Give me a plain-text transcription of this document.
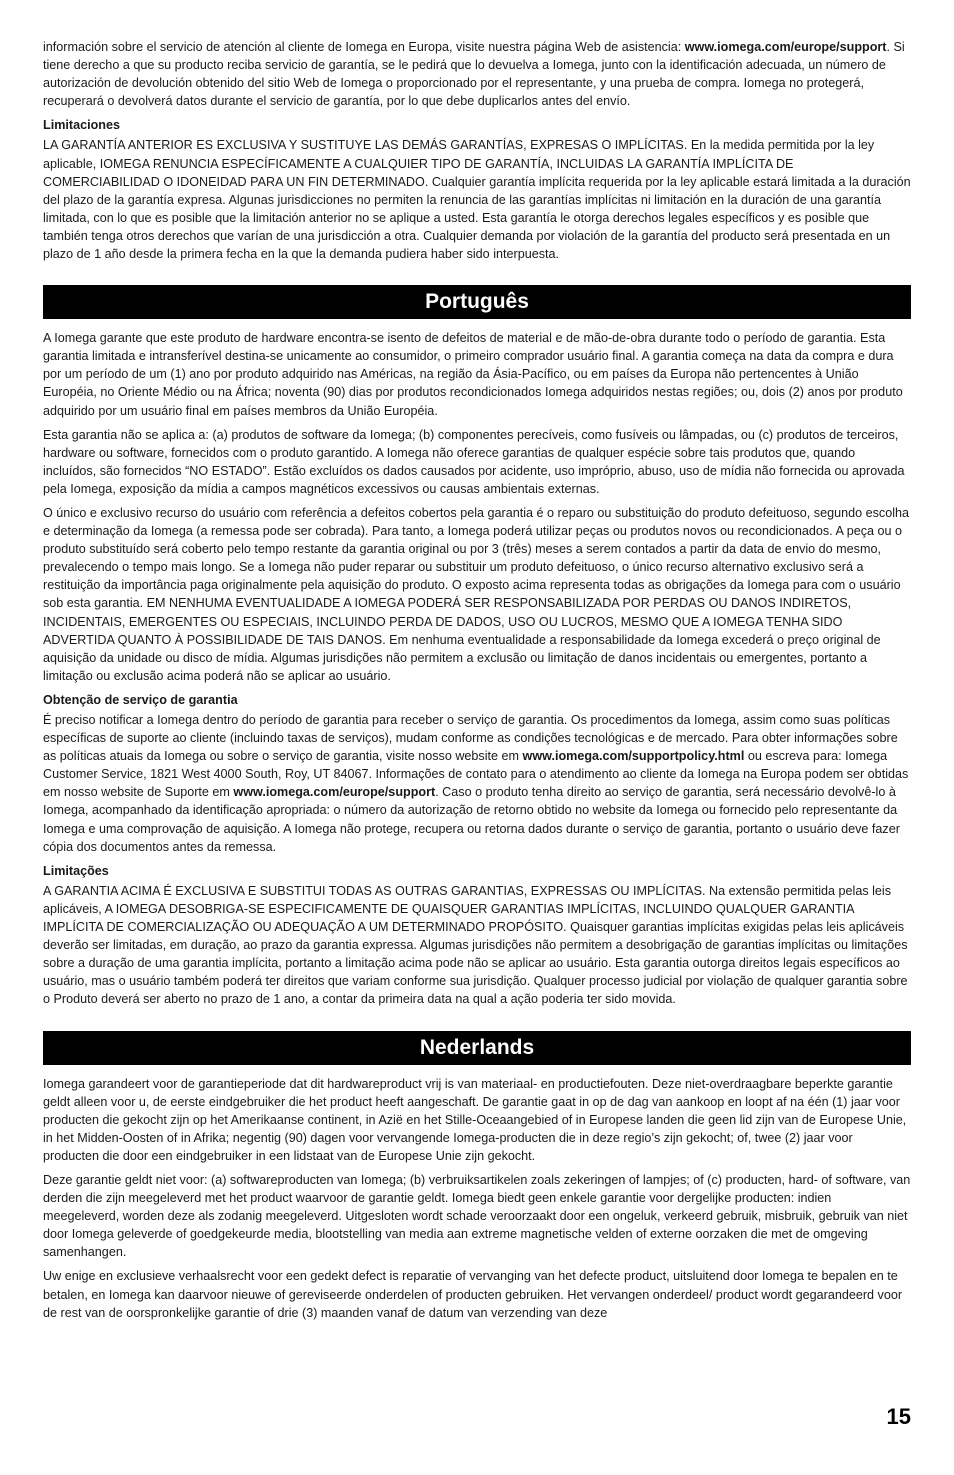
información sobre el servicio de atención al cliente de Iomega en Europa, visite nuestra página Web de asistencia: www.iomega.com/europe/support. Si tiene derecho a que su producto reciba servicio de garantía, se le pedirá que lo devuelva a Iomega, junto con la identificación adecuada, un número de autorización de devolución obtenido del sitio Web de Iomega o proporcionado por el representante, y una prueba de compra. Iomega no protegerá, recuperará o devolverá datos durante el servicio de garantía, por lo que debe duplicarlos antes del envío.

Limitaciones

LA GARANTÍA ANTERIOR ES EXCLUSIVA Y SUSTITUYE LAS DEMÁS GARANTÍAS, EXPRESAS O IMPLÍCITAS. En la medida permitida por la ley aplicable, IOMEGA RENUNCIA ESPECÍFICAMENTE A CUALQUIER TIPO DE GARANTÍA, INCLUIDAS LA GARANTÍA IMPLÍCITA DE COMERCIABILIDAD O IDONEIDAD PARA UN FIN DETERMINADO. Cualquier garantía implícita requerida por la ley aplicable estará limitada a la duración del plazo de la garantía expresa. Algunas jurisdicciones no permiten la renuncia de las garantías implícitas ni limitación en la duración de una garantía limitada, con lo que es posible que la limitación anterior no se aplique a usted. Esta garantía le otorga derechos legales específicos y es posible que también tenga otros derechos que varían de una jurisdicción a otra. Cualquier demanda por violación de la garantía del producto será presentada en un plazo de 1 año desde la primera fecha en la que la demanda pudiera haber sido interpuesta.

Português

A Iomega garante que este produto de hardware encontra-se isento de defeitos de material e de mão-de-obra durante todo o período de garantia. Esta garantia limitada e intransferível destina-se unicamente ao consumidor, o primeiro comprador usuário final. A garantia começa na data da compra e dura por um período de um (1) ano por produto adquirido nas Américas, na região da Ásia-Pacífico, ou em países da Europa não pertencentes à União Européia, no Oriente Médio ou na África; noventa (90) dias por produtos recondicionados Iomega adquiridos nestas regiões; ou, dois (2) anos por produto adquirido por um usuário final em países membros da União Européia.

Esta garantia não se aplica a: (a) produtos de software da Iomega; (b) componentes perecíveis, como fusíveis ou lâmpadas, ou (c) produtos de terceiros, hardware ou software, fornecidos com o produto garantido. A Iomega não oferece garantias de qualquer espécie sobre tais produtos que, quando incluídos, são fornecidos “NO ESTADO”. Estão excluídos os dados causados por acidente, uso impróprio, abuso, uso de mídia não fornecida ou aprovada pela Iomega, exposição da mídia a campos magnéticos excessivos ou causas ambientais externas.

O único e exclusivo recurso do usuário com referência a defeitos cobertos pela garantia é o reparo ou substituição do produto defeituoso, segundo escolha e determinação da Iomega (a remessa pode ser cobrada). Para tanto, a Iomega poderá utilizar peças ou produtos novos ou recondicionados. A peça ou o produto substituído será coberto pelo tempo restante da garantia original ou por 3 (três) meses a serem contados a partir da data de envio do mesmo, prevalecendo o tempo mais longo. Se a Iomega não puder reparar ou substituir um produto defeituoso, o único recurso alternativo exclusivo será a restituição da importância paga originalmente pela aquisição do produto. O exposto acima representa todas as obrigações da Iomega para com o usuário sob esta garantia. EM NENHUMA EVENTUALIDADE A IOMEGA PODERÁ SER RESPONSABILIZADA POR PERDAS OU DANOS INDIRETOS, INCIDENTAIS, EMERGENTES OU ESPECIAIS, INCLUINDO PERDA DE DADOS, USO OU LUCROS, MESMO QUE A IOMEGA TENHA SIDO ADVERTIDA QUANTO À POSSIBILIDADE DE TAIS DANOS. Em nenhuma eventualidade a responsabilidade da Iomega excederá o preço original de aquisição da unidade ou disco de mídia. Algumas jurisdições não permitem a exclusão ou limitação de danos incidentais ou emergentes, portanto a limitação ou exclusão acima poderá não se aplicar ao usuário.

Obtenção de serviço de garantia

É preciso notificar a Iomega dentro do período de garantia para receber o serviço de garantia. Os procedimentos da Iomega, assim como suas políticas específicas de suporte ao cliente (incluindo taxas de serviços), mudam conforme as condições tecnológicas e de mercado. Para obter informações sobre as políticas atuais da Iomega ou sobre o serviço de garantia, visite nosso website em www.iomega.com/supportpolicy.html ou escreva para: Iomega Customer Service, 1821 West 4000 South, Roy, UT 84067. Informações de contato para o atendimento ao cliente da Iomega na Europa podem ser obtidas em nosso website de Suporte em www.iomega.com/europe/support. Caso o produto tenha direito ao serviço de garantia, será necessário devolvê-lo à Iomega, acompanhado da identificação apropriada: o número da autorização de retorno obtido no website da Iomega ou fornecido pelo representante da Iomega e uma comprovação de aquisição. A Iomega não protege, recupera ou retorna dados durante o serviço de garantia, portanto o usuário deve fazer cópia dos documentos antes da remessa.

Limitações

A GARANTIA ACIMA É EXCLUSIVA E SUBSTITUI TODAS AS OUTRAS GARANTIAS, EXPRESSAS OU IMPLÍCITAS. Na extensão permitida pelas leis aplicáveis, A IOMEGA DESOBRIGA-SE ESPECIFICAMENTE DE QUAISQUER GARANTIAS IMPLÍCITAS, INCLUINDO QUALQUER GARANTIA IMPLÍCITA DE COMERCIALIZAÇÃO OU ADEQUAÇÃO A UM DETERMINADO PROPÓSITO. Quaisquer garantias implícitas exigidas pelas leis aplicáveis deverão ser limitadas, em duração, ao prazo da garantia expressa. Algumas jurisdições não permitem a desobrigação de garantias implícitas ou limitações sobre a duração de uma garantia implícita, portanto a limitação acima pode não se aplicar ao usuário. Esta garantia outorga direitos legais específicos ao usuário, mas o usuário também poderá ter direitos que variam conforme sua jurisdição. Qualquer processo judicial por violação de qualquer garantia sobre o Produto deverá ser aberto no prazo de 1 ano, a contar da primeira data na qual a ação poderia ter sido movida.

Nederlands

Iomega garandeert voor de garantieperiode dat dit hardwareproduct vrij is van materiaal- en productiefouten. Deze niet-overdraagbare beperkte garantie geldt alleen voor u, de eerste eindgebruiker die het product heeft aangeschaft. De garantie gaat in op de dag van aankoop en loopt af na één (1) jaar voor producten die gekocht zijn op het Amerikaanse continent, in Azië en het Stille-Oceaangebied of in Europese landen die geen lid zijn van de Europese Unie, in het Midden-Oosten of in Afrika; negentig (90) dagen voor vervangende Iomega-producten die in deze regio’s zijn gekocht; of, twee (2) jaar voor producten die door een eindgebruiker in een lidstaat van de Europese Unie zijn gekocht.

Deze garantie geldt niet voor: (a) softwareproducten van Iomega; (b) verbruiksartikelen zoals zekeringen of lampjes; of (c) producten, hard- of software, van derden die zijn meegeleverd met het product waarvoor de garantie geldt. Iomega biedt geen enkele garantie voor dergelijke producten: indien meegeleverd, worden deze als zodanig meegeleverd. Uitgesloten wordt schade veroorzaakt door een ongeluk, verkeerd gebruik, misbruik, gebruik van niet door Iomega geleverde of goedgekeurde media, blootstelling van media aan extreme magnetische velden of externe oorzaken die met de omgeving samenhangen.

Uw enige en exclusieve verhaalsrecht voor een gedekt defect is reparatie of vervanging van het defecte product, uitsluitend door Iomega te bepalen en te betalen, en Iomega kan daarvoor nieuwe of gereviseerde onderdelen of producten gebruiken. Het vervangen onderdeel/ product wordt gegarandeerd voor de rest van de oorspronkelijke garantie of drie (3) maanden vanaf de datum van verzending van deze

15
